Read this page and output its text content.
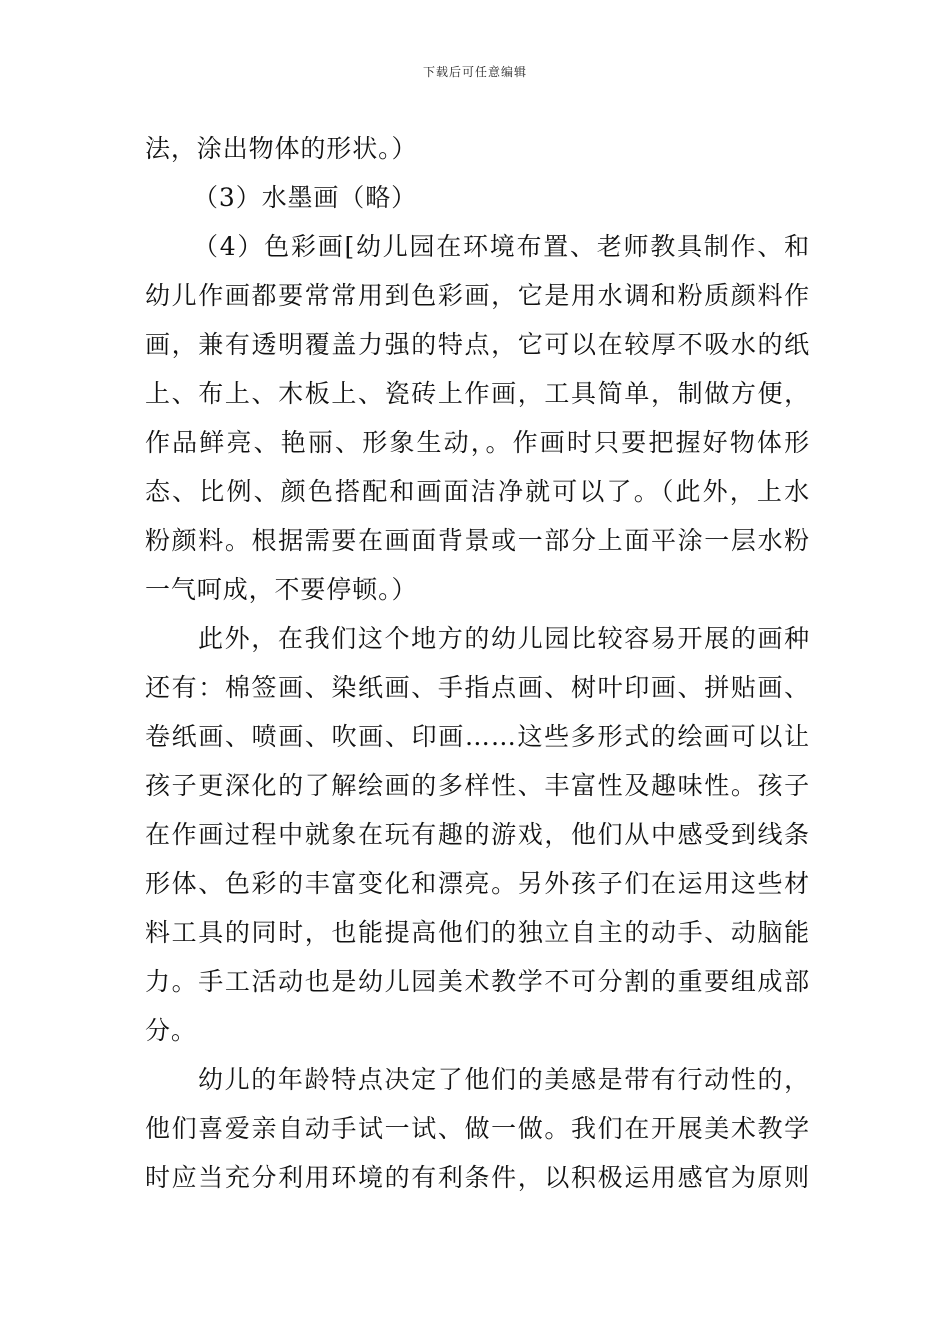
下载后可任意编辑
法，涂出物体的形状。）
（3）水墨画（略）
（4）色彩画[幼儿园在环境布置、老师教具制作、和
幼儿作画都要常常用到色彩画，它是用水调和粉质颜料作
画，兼有透明覆盖力强的特点，它可以在较厚不吸水的纸
上、布上、木板上、瓷砖上作画，工具简单，制做方便，
作品鲜亮、艳丽、形象生动，。作画时只要把握好物体形
态、比例、颜色搭配和画面洁净就可以了。（此外，上水
粉颜料。根据需要在画面背景或一部分上面平涂一层水粉
一气呵成，不要停顿。）
此外，在我们这个地方的幼儿园比较容易开展的画种
还有：棉签画、染纸画、手指点画、树叶印画、拼贴画、
卷纸画、喷画、吹画、印画……这些多形式的绘画可以让
孩子更深化的了解绘画的多样性、丰富性及趣味性。孩子
在作画过程中就象在玩有趣的游戏，他们从中感受到线条
形体、色彩的丰富变化和漂亮。另外孩子们在运用这些材
料工具的同时，也能提高他们的独立自主的动手、动脑能
力。手工活动也是幼儿园美术教学不可分割的重要组成部
分。
幼儿的年龄特点决定了他们的美感是带有行动性的，
他们喜爱亲自动手试一试、做一做。我们在开展美术教学
时应当充分利用环境的有利条件，以积极运用感官为原则
